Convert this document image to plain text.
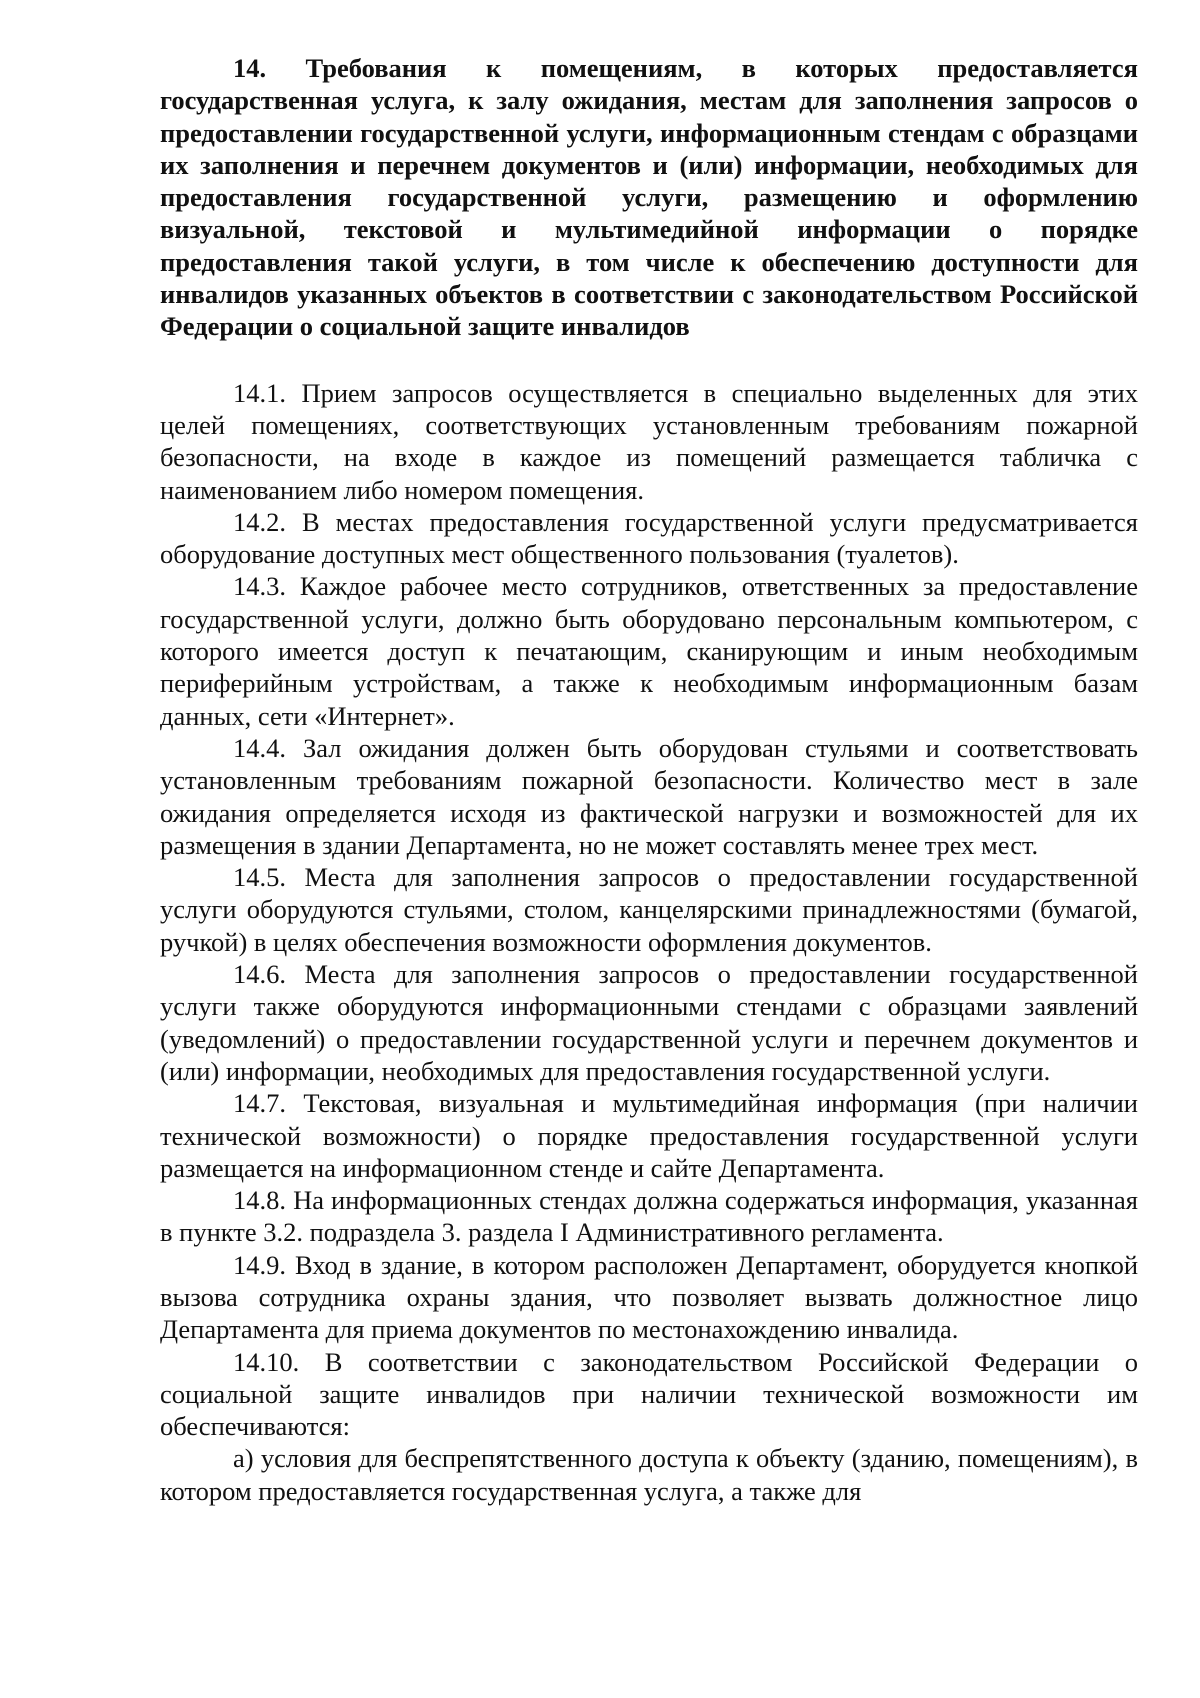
14. Требования к помещениям, в которых предоставляется государственная услуга, к залу ожидания, местам для заполнения запросов о предоставлении государственной услуги, информационным стендам с образцами их заполнения и перечнем документов и (или) информации, необходимых для предоставления государственной услуги, размещению и оформлению визуальной, текстовой и мультимедийной информации о порядке предоставления такой услуги, в том числе к обеспечению доступности для инвалидов указанных объектов в соответствии с законодательством Российской Федерации о социальной защите инвалидов

14.1. Прием запросов осуществляется в специально выделенных для этих целей помещениях, соответствующих установленным требованиям пожарной безопасности, на входе в каждое из помещений размещается табличка с наименованием либо номером помещения.

14.2. В местах предоставления государственной услуги предусматривается оборудование доступных мест общественного пользования (туалетов).

14.3. Каждое рабочее место сотрудников, ответственных за предоставление государственной услуги, должно быть оборудовано персональным компьютером, с которого имеется доступ к печатающим, сканирующим и иным необходимым периферийным устройствам, а также к необходимым информационным базам данных, сети «Интернет».

14.4. Зал ожидания должен быть оборудован стульями и соответствовать установленным требованиям пожарной безопасности. Количество мест в зале ожидания определяется исходя из фактической нагрузки и возможностей для их размещения в здании Департамента, но не может составлять менее трех мест.

14.5. Места для заполнения запросов о предоставлении государственной услуги оборудуются стульями, столом, канцелярскими принадлежностями (бумагой, ручкой) в целях обеспечения возможности оформления документов.

14.6. Места для заполнения запросов о предоставлении государственной услуги также оборудуются информационными стендами с образцами заявлений (уведомлений) о предоставлении государственной услуги и перечнем документов и (или) информации, необходимых для предоставления государственной услуги.

14.7. Текстовая, визуальная и мультимедийная информация (при наличии технической возможности) о порядке предоставления государственной услуги размещается на информационном стенде и сайте Департамента.

14.8. На информационных стендах должна содержаться информация, указанная в пункте 3.2. подраздела 3. раздела I Административного регламента.

14.9. Вход в здание, в котором расположен Департамент, оборудуется кнопкой вызова сотрудника охраны здания, что позволяет вызвать должностное лицо Департамента для приема документов по местонахождению инвалида.

14.10. В соответствии с законодательством Российской Федерации о социальной защите инвалидов при наличии технической возможности им обеспечиваются:

а) условия для беспрепятственного доступа к объекту (зданию, помещениям), в котором предоставляется государственная услуга, а также для
